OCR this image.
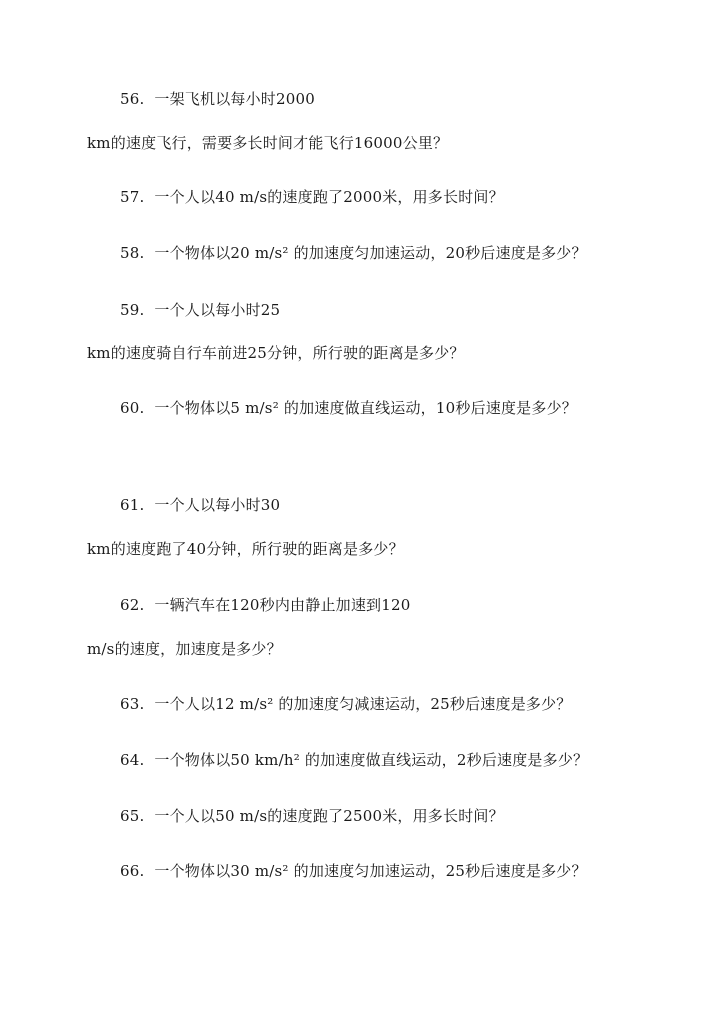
56. 一架飞机以每小时2000
km的速度飞行，需要多长时间才能飞行16000公里？
57. 一个人以40 m/s的速度跑了2000米，用多长时间？
58. 一个物体以20 m/s² 的加速度匀加速运动，20秒后速度是多少？
59. 一个人以每小时25
km的速度骑自行车前进25分钟，所行驶的距离是多少？
60. 一个物体以5 m/s² 的加速度做直线运动，10秒后速度是多少？
61. 一个人以每小时30
km的速度跑了40分钟，所行驶的距离是多少？
62. 一辆汽车在120秒内由静止加速到120
m/s的速度，加速度是多少？
63. 一个人以12 m/s² 的加速度匀减速运动，25秒后速度是多少？
64. 一个物体以50 km/h² 的加速度做直线运动，2秒后速度是多少？
65. 一个人以50 m/s的速度跑了2500米，用多长时间？
66. 一个物体以30 m/s² 的加速度匀加速运动，25秒后速度是多少？
